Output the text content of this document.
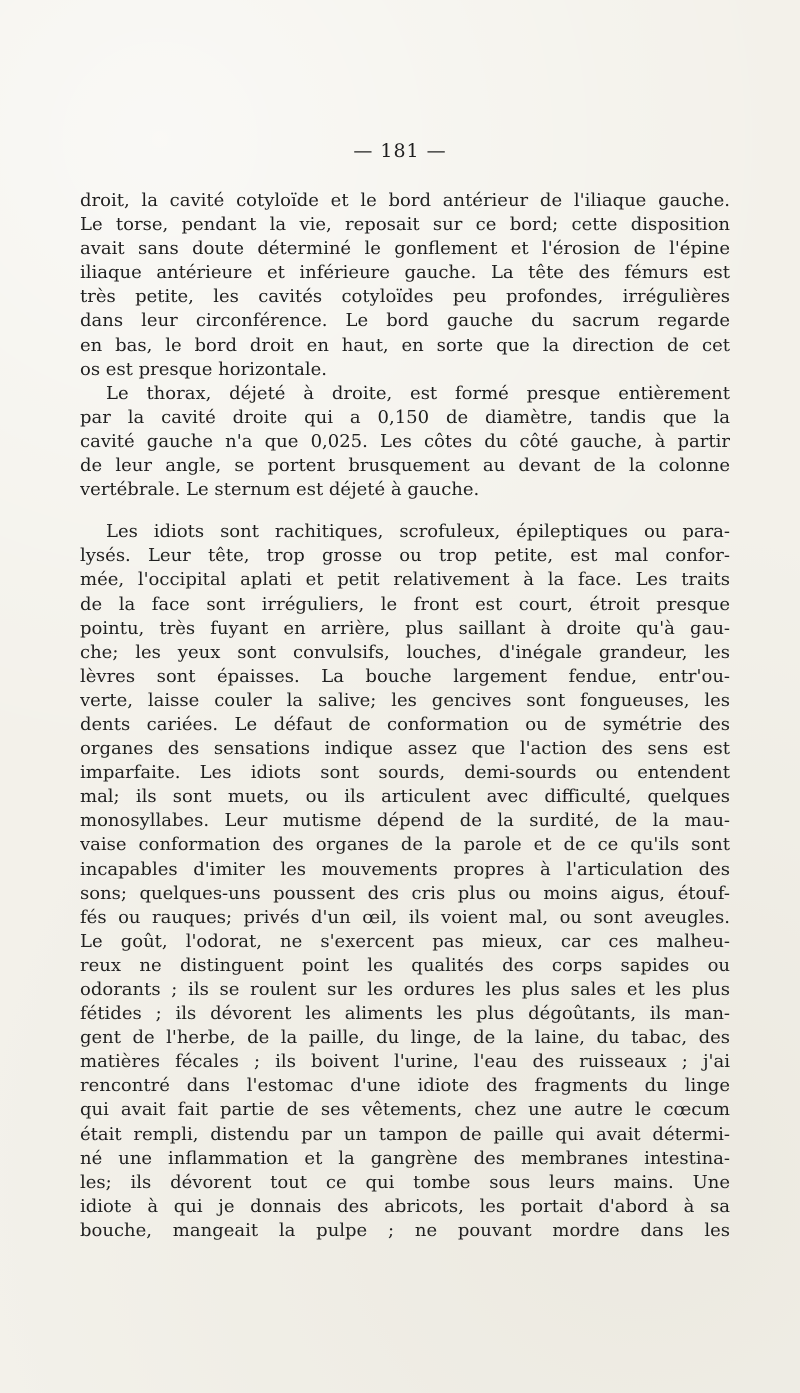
— 181 —
droit, la cavité cotyloïde et le bord antérieur de l'iliaque gauche.
Le torse, pendant la vie, reposait sur ce bord; cette disposition
avait sans doute déterminé le gonflement et l'érosion de l'épine
iliaque antérieure et inférieure gauche. La tête des fémurs est
très petite, les cavités cotyloïdes peu profondes, irrégulières
dans leur circonférence. Le bord gauche du sacrum regarde
en bas, le bord droit en haut, en sorte que la direction de cet
os est presque horizontale.
Le thorax, déjeté à droite, est formé presque entièrement
par la cavité droite qui a 0,150 de diamètre, tandis que la
cavité gauche n'a que 0,025. Les côtes du côté gauche, à partir
de leur angle, se portent brusquement au devant de la colonne
vertébrale. Le sternum est déjeté à gauche.
Les idiots sont rachitiques, scrofuleux, épileptiques ou para-
lysés. Leur tête, trop grosse ou trop petite, est mal confor-
mée, l'occipital aplati et petit relativement à la face. Les traits
de la face sont irréguliers, le front est court, étroit presque
pointu, très fuyant en arrière, plus saillant à droite qu'à gau-
che; les yeux sont convulsifs, louches, d'inégale grandeur, les
lèvres sont épaisses. La bouche largement fendue, entr'ou-
verte, laisse couler la salive; les gencives sont fongueuses, les
dents cariées. Le défaut de conformation ou de symétrie des
organes des sensations indique assez que l'action des sens est
imparfaite. Les idiots sont sourds, demi-sourds ou entendent
mal; ils sont muets, ou ils articulent avec difficulté, quelques
monosyllabes. Leur mutisme dépend de la surdité, de la mau-
vaise conformation des organes de la parole et de ce qu'ils sont
incapables d'imiter les mouvements propres à l'articulation des
sons; quelques-uns poussent des cris plus ou moins aigus, étouf-
fés ou rauques; privés d'un œil, ils voient mal, ou sont aveugles.
Le goût, l'odorat, ne s'exercent pas mieux, car ces malheu-
reux ne distinguent point les qualités des corps sapides ou
odorants ; ils se roulent sur les ordures les plus sales et les plus
fétides ; ils dévorent les aliments les plus dégoûtants, ils man-
gent de l'herbe, de la paille, du linge, de la laine, du tabac, des
matières fécales ; ils boivent l'urine, l'eau des ruisseaux ; j'ai
rencontré dans l'estomac d'une idiote des fragments du linge
qui avait fait partie de ses vêtements, chez une autre le cœcum
était rempli, distendu par un tampon de paille qui avait détermi-
né une inflammation et la gangrène des membranes intestina-
les; ils dévorent tout ce qui tombe sous leurs mains. Une
idiote à qui je donnais des abricots, les portait d'abord à sa
bouche, mangeait la pulpe ; ne pouvant mordre dans les
